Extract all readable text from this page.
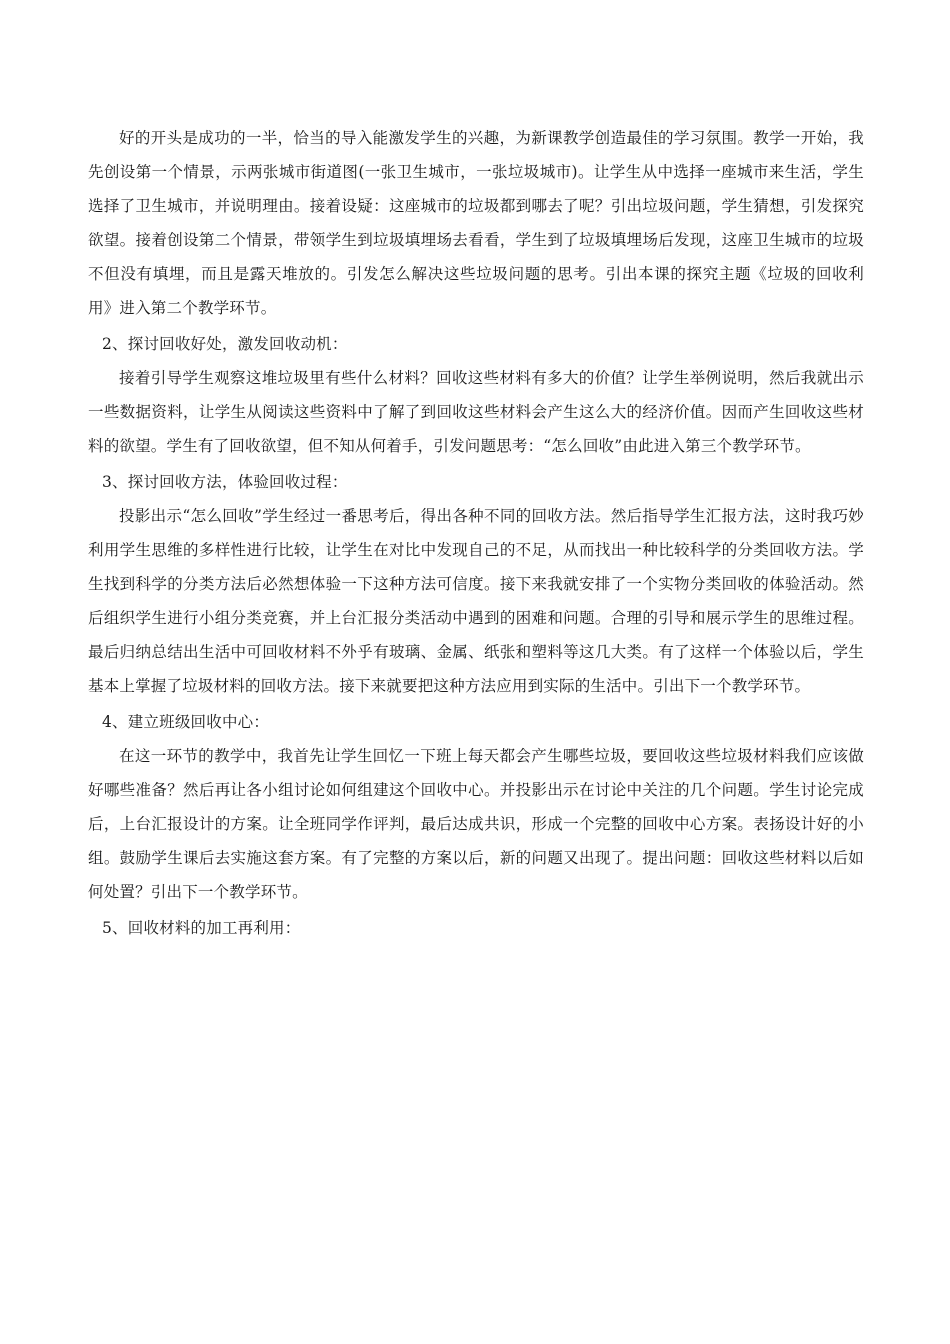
好的开头是成功的一半，恰当的导入能激发学生的兴趣，为新课教学创造最佳的学习氛围。教学一开始，我先创设第一个情景，示两张城市街道图(一张卫生城市，一张垃圾城市)。让学生从中选择一座城市来生活，学生选择了卫生城市，并说明理由。接着设疑：这座城市的垃圾都到哪去了呢？引出垃圾问题，学生猜想，引发探究欲望。接着创设第二个情景，带领学生到垃圾填埋场去看看，学生到了垃圾填埋场后发现，这座卫生城市的垃圾不但没有填埋，而且是露天堆放的。引发怎么解决这些垃圾问题的思考。引出本课的探究主题《垃圾的回收利用》进入第二个教学环节。

2、探讨回收好处，激发回收动机：

接着引导学生观察这堆垃圾里有些什么材料？回收这些材料有多大的价值？让学生举例说明，然后我就出示一些数据资料，让学生从阅读这些资料中了解了到回收这些材料会产生这么大的经济价值。因而产生回收这些材料的欲望。学生有了回收欲望，但不知从何着手，引发问题思考：“怎么回收”由此进入第三个教学环节。

3、探讨回收方法，体验回收过程：

投影出示“怎么回收”学生经过一番思考后，得出各种不同的回收方法。然后指导学生汇报方法，这时我巧妙利用学生思维的多样性进行比较，让学生在对比中发现自己的不足，从而找出一种比较科学的分类回收方法。学生找到科学的分类方法后必然想体验一下这种方法可信度。接下来我就安排了一个实物分类回收的体验活动。然后组织学生进行小组分类竞赛，并上台汇报分类活动中遇到的困难和问题。合理的引导和展示学生的思维过程。最后归纳总结出生活中可回收材料不外乎有玻璃、金属、纸张和塑料等这几大类。有了这样一个体验以后，学生基本上掌握了垃圾材料的回收方法。接下来就要把这种方法应用到实际的生活中。引出下一个教学环节。

4、建立班级回收中心：

在这一环节的教学中，我首先让学生回忆一下班上每天都会产生哪些垃圾，要回收这些垃圾材料我们应该做好哪些准备？然后再让各小组讨论如何组建这个回收中心。并投影出示在讨论中关注的几个问题。学生讨论完成后，上台汇报设计的方案。让全班同学作评判，最后达成共识，形成一个完整的回收中心方案。表扬设计好的小组。鼓励学生课后去实施这套方案。有了完整的方案以后，新的问题又出现了。提出问题：回收这些材料以后如何处置？引出下一个教学环节。

5、回收材料的加工再利用：
